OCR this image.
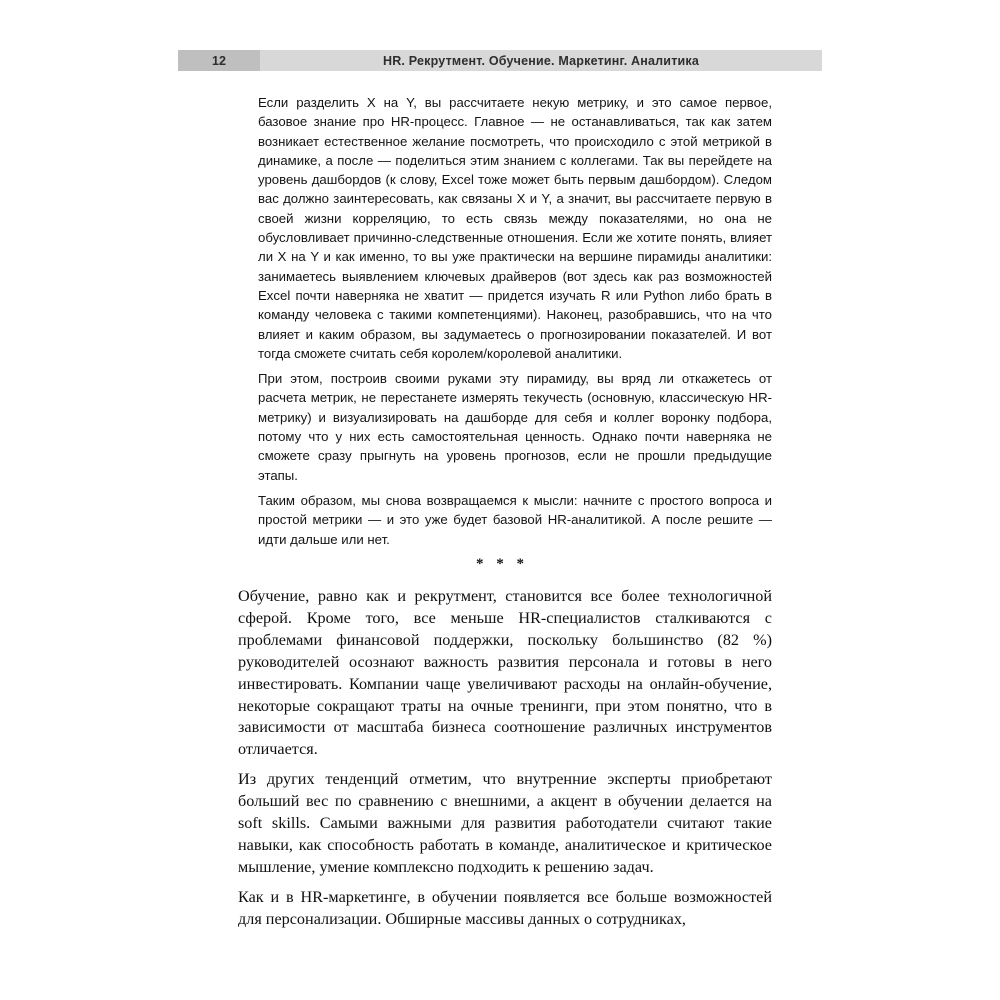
12	HR. Рекрутмент. Обучение. Маркетинг. Аналитика

Если разделить X на Y, вы рассчитаете некую метрику, и это самое первое, базовое знание про HR-процесс. Главное — не останавливаться, так как затем возникает естественное желание посмотреть, что происходило с этой метрикой в динамике, а после — поделиться этим знанием с коллегами. Так вы перейдете на уровень дашбордов (к слову, Excel тоже может быть первым дашбордом). Следом вас должно заинтересовать, как связаны X и Y, а значит, вы рассчитаете первую в своей жизни корреляцию, то есть связь между показателями, но она не обусловливает причинно-следственные отношения. Если же хотите понять, влияет ли X на Y и как именно, то вы уже практически на вершине пирамиды аналитики: занимаетесь выявлением ключевых драйверов (вот здесь как раз возможностей Excel почти наверняка не хватит — придется изучать R или Python либо брать в команду человека с такими компетенциями). Наконец, разобравшись, что на что влияет и каким образом, вы задумаетесь о прогнозировании показателей. И вот тогда сможете считать себя королем/королевой аналитики.

При этом, построив своими руками эту пирамиду, вы вряд ли откажетесь от расчета метрик, не перестанете измерять текучесть (основную, классическую HR-метрику) и визуализировать на дашборде для себя и коллег воронку подбора, потому что у них есть самостоятельная ценность. Однако почти наверняка не сможете сразу прыгнуть на уровень прогнозов, если не прошли предыдущие этапы.

Таким образом, мы снова возвращаемся к мысли: начните с простого вопроса и простой метрики — и это уже будет базовой HR-аналитикой. А после решите — идти дальше или нет.

* * *

Обучение, равно как и рекрутмент, становится все более технологичной сферой. Кроме того, все меньше HR-специалистов сталкиваются с проблемами финансовой поддержки, поскольку большинство (82 %) руководителей осознают важность развития персонала и готовы в него инвестировать. Компании чаще увеличивают расходы на онлайн-обучение, некоторые сокращают траты на очные тренинги, при этом понятно, что в зависимости от масштаба бизнеса соотношение различных инструментов отличается.

Из других тенденций отметим, что внутренние эксперты приобретают больший вес по сравнению с внешними, а акцент в обучении делается на soft skills. Самыми важными для развития работодатели считают такие навыки, как способность работать в команде, аналитическое и критическое мышление, умение комплексно подходить к решению задач.

Как и в HR-маркетинге, в обучении появляется все больше возможностей для персонализации. Обширные массивы данных о сотрудниках,
